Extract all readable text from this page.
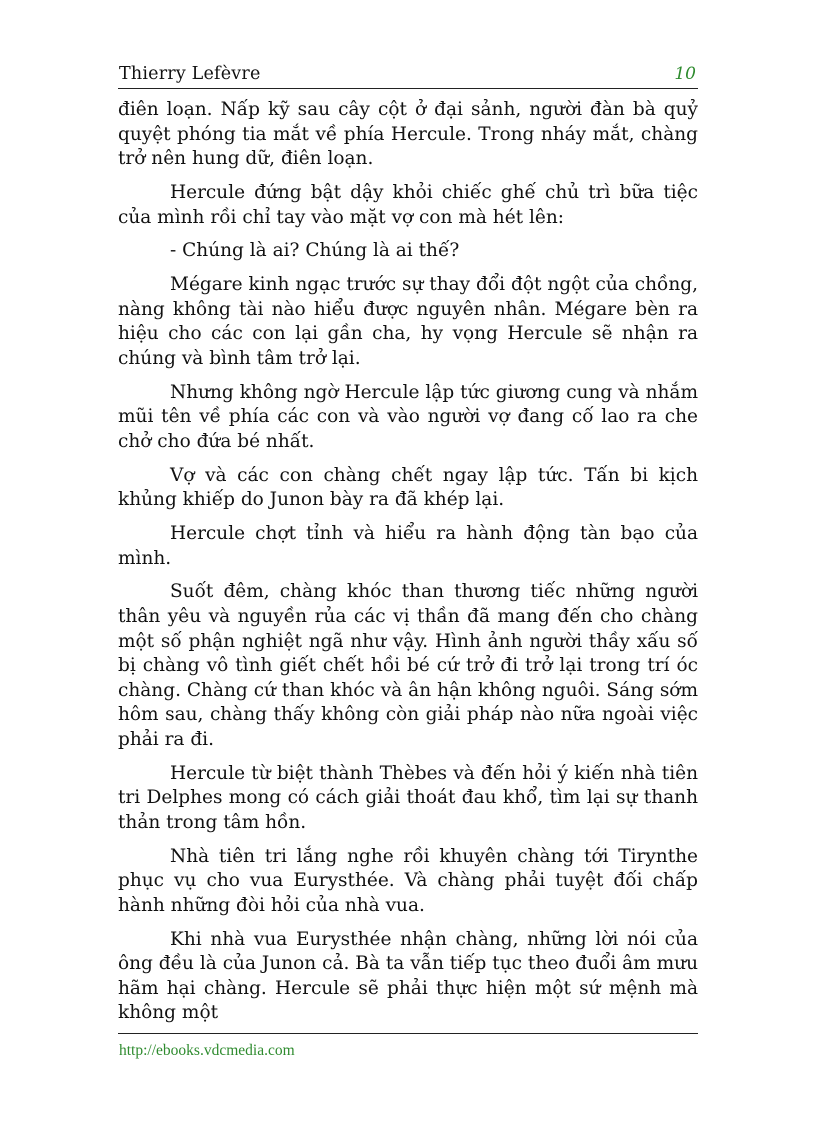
Thierry Lefèvre	10

điên loạn. Nấp kỹ sau cây cột ở đại sảnh, người đàn bà quỷ quyệt phóng tia mắt về phía Hercule. Trong nháy mắt, chàng trở nên hung dữ, điên loạn.

Hercule đứng bật dậy khỏi chiếc ghế chủ trì bữa tiệc của mình rồi chỉ tay vào mặt vợ con mà hét lên:

- Chúng là ai? Chúng là ai thế?

Mégare kinh ngạc trước sự thay đổi đột ngột của chồng, nàng không tài nào hiểu được nguyên nhân. Mégare bèn ra hiệu cho các con lại gần cha, hy vọng Hercule sẽ nhận ra chúng và bình tâm trở lại.

Nhưng không ngờ Hercule lập tức giương cung và nhắm mũi tên về phía các con và vào người vợ đang cố lao ra che chở cho đứa bé nhất.

Vợ và các con chàng chết ngay lập tức. Tấn bi kịch khủng khiếp do Junon bày ra đã khép lại.

Hercule chợt tỉnh và hiểu ra hành động tàn bạo của mình.

Suốt đêm, chàng khóc than thương tiếc những người thân yêu và nguyền rủa các vị thần đã mang đến cho chàng một số phận nghiệt ngã như vậy. Hình ảnh người thầy xấu số bị chàng vô tình giết chết hồi bé cứ trở đi trở lại trong trí óc chàng. Chàng cứ than khóc và ân hận không nguôi. Sáng sớm hôm sau, chàng thấy không còn giải pháp nào nữa ngoài việc phải ra đi.

Hercule từ biệt thành Thèbes và đến hỏi ý kiến nhà tiên tri Delphes mong có cách giải thoát đau khổ, tìm lại sự thanh thản trong tâm hồn.

Nhà tiên tri lắng nghe rồi khuyên chàng tới Tirynthe phục vụ cho vua Eurysthée. Và chàng phải tuyệt đối chấp hành những đòi hỏi của nhà vua.

Khi nhà vua Eurysthée nhận chàng, những lời nói của ông đều là của Junon cả. Bà ta vẫn tiếp tục theo đuổi âm mưu hãm hại chàng. Hercule sẽ phải thực hiện một sứ mệnh mà không một

http://ebooks.vdcmedia.com
